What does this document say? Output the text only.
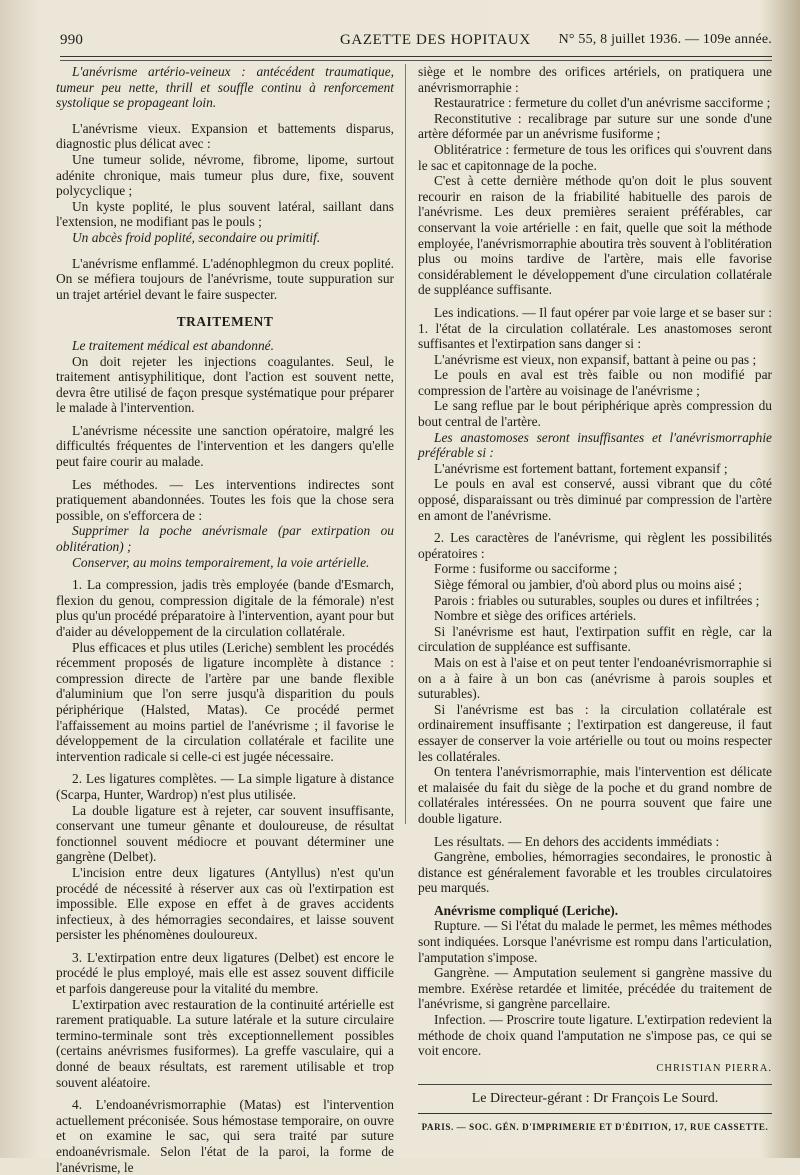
990	GAZETTE DES HOPITAUX N° 55, 8 juillet 1936. — 109e année.

L'anévrisme artério-veineux : antécédent traumatique, tumeur peu nette, thrill et souffle continu à renforcement systolique se propageant loin.

L'anévrisme vieux. Expansion et battements disparus, diagnostic plus délicat avec :

Une tumeur solide, névrome, fibrome, lipome, surtout adénite chronique, mais tumeur plus dure, fixe, souvent polycyclique ;

Un kyste poplité, le plus souvent latéral, saillant dans l'extension, ne modifiant pas le pouls ;

Un abcès froid poplité, secondaire ou primitif.

L'anévrisme enflammé. L'adénophlegmon du creux poplité. On se méfiera toujours de l'anévrisme, toute suppuration sur un trajet artériel devant le faire suspecter.

TRAITEMENT

Le traitement médical est abandonné.

On doit rejeter les injections coagulantes. Seul, le traitement antisyphilitique, dont l'action est souvent nette, devra être utilisé de façon presque systématique pour préparer le malade à l'intervention.

L'anévrisme nécessite une sanction opératoire, malgré les difficultés fréquentes de l'intervention et les dangers qu'elle peut faire courir au malade.

Les méthodes. — Les interventions indirectes sont pratiquement abandonnées. Toutes les fois que la chose sera possible, on s'efforcera de :

Supprimer la poche anévrismale (par extirpation ou oblitération) ;

Conserver, au moins temporairement, la voie artérielle.

1. La compression, jadis très employée (bande d'Esmarch, flexion du genou, compression digitale de la fémorale) n'est plus qu'un procédé préparatoire à l'intervention, ayant pour but d'aider au développement de la circulation collatérale.

Plus efficaces et plus utiles (Leriche) semblent les procédés récemment proposés de ligature incomplète à distance : compression directe de l'artère par une bande flexible d'aluminium que l'on serre jusqu'à disparition du pouls périphérique (Halsted, Matas). Ce procédé permet l'affaissement au moins partiel de l'anévrisme ; il favorise le développement de la circulation collatérale et facilite une intervention radicale si celle-ci est jugée nécessaire.

2. Les ligatures complètes. — La simple ligature à distance (Scarpa, Hunter, Wardrop) n'est plus utilisée.

La double ligature est à rejeter, car souvent insuffisante, conservant une tumeur gênante et douloureuse, de résultat fonctionnel souvent médiocre et pouvant déterminer une gangrène (Delbet).

L'incision entre deux ligatures (Antyllus) n'est qu'un procédé de nécessité à réserver aux cas où l'extirpation est impossible. Elle expose en effet à de graves accidents infectieux, à des hémorragies secondaires, et laisse souvent persister les phénomènes douloureux.

3. L'extirpation entre deux ligatures (Delbet) est encore le procédé le plus employé, mais elle est assez souvent difficile et parfois dangereuse pour la vitalité du membre.

L'extirpation avec restauration de la continuité artérielle est rarement pratiquable. La suture latérale et la suture circulaire termino-terminale sont très exceptionnellement possibles (certains anévrismes fusiformes). La greffe vasculaire, qui a donné de beaux résultats, est rarement utilisable et trop souvent aléatoire.

4. L'endoanévrismorraphie (Matas) est l'intervention actuellement préconisée. Sous hémostase temporaire, on ouvre et on examine le sac, qui sera traité par suture endoanévrismale. Selon l'état de la paroi, la forme de l'anévrisme, le

siège et le nombre des orifices artériels, on pratiquera une anévrismorraphie :

Restauratrice : fermeture du collet d'un anévrisme sacciforme ;

Reconstitutive : recalibrage par suture sur une sonde d'une artère déformée par un anévrisme fusiforme ;

Oblitératrice : fermeture de tous les orifices qui s'ouvrent dans le sac et capitonnage de la poche.

C'est à cette dernière méthode qu'on doit le plus souvent recourir en raison de la friabilité habituelle des parois de l'anévrisme. Les deux premières seraient préférables, car conservant la voie artérielle : en fait, quelle que soit la méthode employée, l'anévrismorraphie aboutira très souvent à l'oblitération plus ou moins tardive de l'artère, mais elle favorise considérablement le développement d'une circulation collatérale de suppléance suffisante.

Les indications. — Il faut opérer par voie large et se baser sur : 1. l'état de la circulation collatérale. Les anastomoses seront suffisantes et l'extirpation sans danger si :

L'anévrisme est vieux, non expansif, battant à peine ou pas ;

Le pouls en aval est très faible ou non modifié par compression de l'artère au voisinage de l'anévrisme ;

Le sang reflue par le bout périphérique après compression du bout central de l'artère.

Les anastomoses seront insuffisantes et l'anévrismorraphie préférable si :

L'anévrisme est fortement battant, fortement expansif ;

Le pouls en aval est conservé, aussi vibrant que du côté opposé, disparaissant ou très diminué par compression de l'artère en amont de l'anévrisme.

2. Les caractères de l'anévrisme, qui règlent les possibilités opératoires :

Forme : fusiforme ou sacciforme ;

Siège fémoral ou jambier, d'où abord plus ou moins aisé ;

Parois : friables ou suturables, souples ou dures et infiltrées ;

Nombre et siège des orifices artériels.

Si l'anévrisme est haut, l'extirpation suffit en règle, car la circulation de suppléance est suffisante.

Mais on est à l'aise et on peut tenter l'endoanévrismorraphie si on a à faire à un bon cas (anévrisme à parois souples et suturables).

Si l'anévrisme est bas : la circulation collatérale est ordinairement insuffisante ; l'extirpation est dangereuse, il faut essayer de conserver la voie artérielle ou tout ou moins respecter les collatérales.

On tentera l'anévrismorraphie, mais l'intervention est délicate et malaisée du fait du siège de la poche et du grand nombre de collatérales intéressées. On ne pourra souvent que faire une double ligature.

Les résultats. — En dehors des accidents immédiats :

Gangrène, embolies, hémorragies secondaires, le pronostic à distance est généralement favorable et les troubles circulatoires peu marqués.

Anévrisme compliqué (Leriche).

Rupture. — Si l'état du malade le permet, les mêmes méthodes sont indiquées. Lorsque l'anévrisme est rompu dans l'articulation, l'amputation s'impose.

Gangrène. — Amputation seulement si gangrène massive du membre. Exérèse retardée et limitée, précédée du traitement de l'anévrisme, si gangrène parcellaire.

Infection. — Proscrire toute ligature. L'extirpation redevient la méthode de choix quand l'amputation ne s'impose pas, ce qui se voit encore.

CHRISTIAN PIERRA.
Le Directeur-gérant : Dr François Le Sourd.
PARIS. — SOC. GÉN. D'IMPRIMERIE ET D'ÉDITION, 17, RUE CASSETTE.
